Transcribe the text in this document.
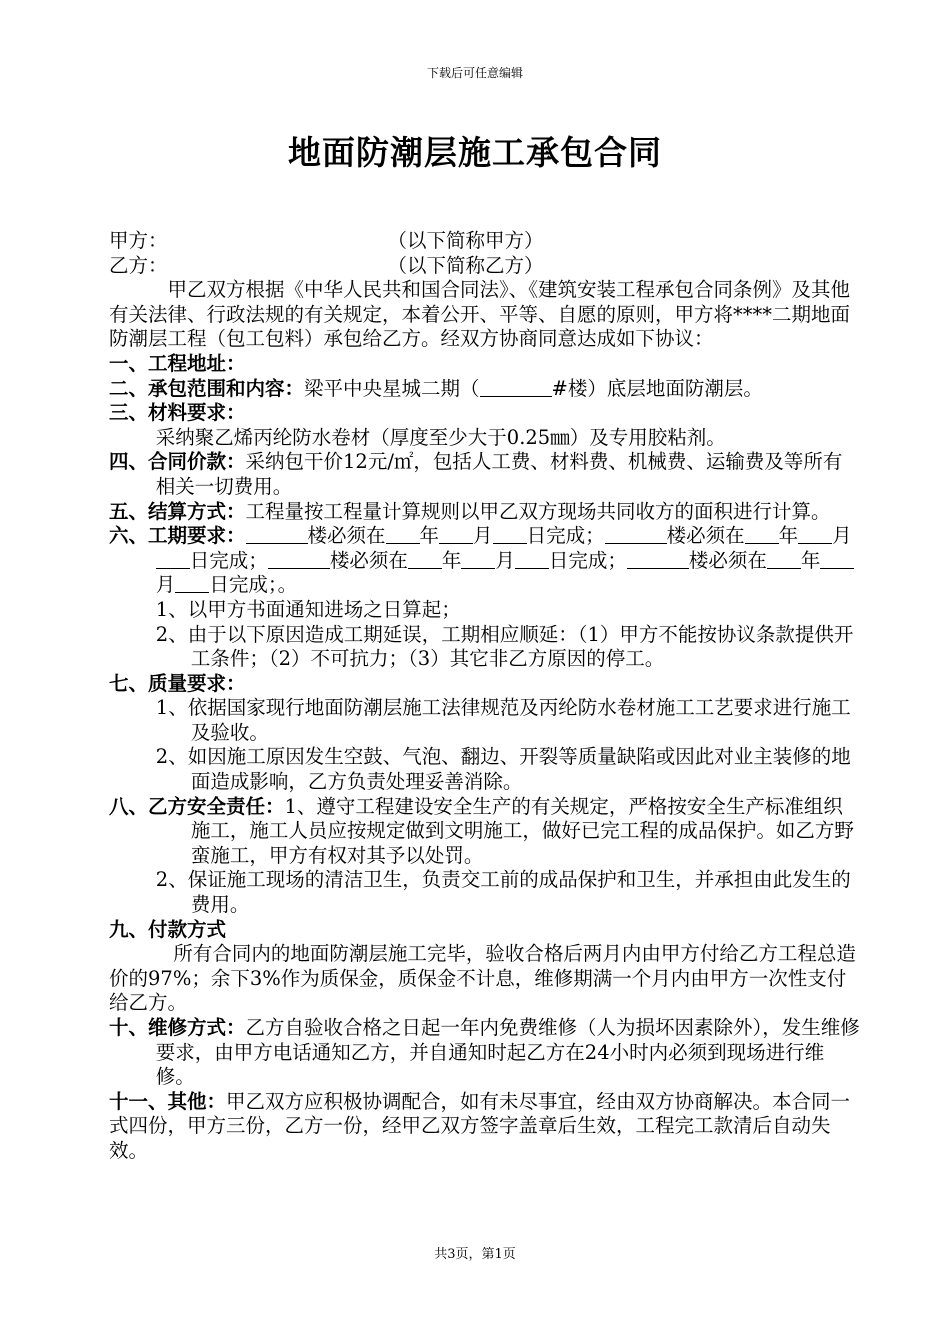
下载后可任意编辑
地面防潮层施工承包合同

甲方：	（以下简称甲方）

乙方：	（以下简称乙方）

甲乙双方根据《中华人民共和国合同法》、《建筑安装工程承包合同条例》及其他有关法律、行政法规的有关规定，本着公开、平等、自愿的原则，甲方将****二期地面防潮层工程（包工包料）承包给乙方。经双方协商同意达成如下协议：

一、工程地址：

二、承包范围和内容：梁平中央星城二期（	#楼）底层地面防潮层。

三、材料要求：

采纳聚乙烯丙纶防水卷材（厚度至少大于0.25㎜）及专用胶粘剂。

四、合同价款：采纳包干价12元/㎡，包括人工费、材料费、机械费、运输费及等所有相关一切费用。

五、结算方式：工程量按工程量计算规则以甲乙双方现场共同收方的面积进行计算。

六、工期要求：	楼必须在 年 月 日完成；	楼必须在 年 月日完成；	楼必须在 年 月 日完成；	楼必须在 年月 日完成；。

1、以甲方书面通知进场之日算起；

2、由于以下原因造成工期延误，工期相应顺延：（1）甲方不能按协议条款提供开工条件；（2）不可抗力；（3）其它非乙方原因的停工。

七、质量要求：

1、依据国家现行地面防潮层施工法律规范及丙纶防水卷材施工工艺要求进行施工及验收。

2、如因施工原因发生空鼓、气泡、翻边、开裂等质量缺陷或因此对业主装修的地面造成影响，乙方负责处理妥善消除。

八、乙方安全责任：1、遵守工程建设安全生产的有关规定，严格按安全生产标准组织施工，施工人员应按规定做到文明施工，做好已完工程的成品保护。如乙方野蛮施工，甲方有权对其予以处罚。

2、保证施工现场的清洁卫生，负责交工前的成品保护和卫生，并承担由此发生的费用。

九、付款方式

所有合同内的地面防潮层施工完毕，验收合格后两月内由甲方付给乙方工程总造价的97%；余下3%作为质保金，质保金不计息，维修期满一个月内由甲方一次性支付给乙方。

十、维修方式：乙方自验收合格之日起一年内免费维修（人为损坏因素除外），发生维修要求，由甲方电话通知乙方，并自通知时起乙方在24小时内必须到现场进行维修。

十一、其他：甲乙双方应积极协调配合，如有未尽事宜，经由双方协商解决。本合同一式四份，甲方三份，乙方一份，经甲乙双方签字盖章后生效，工程完工款清后自动失效。

共3页，第1页
